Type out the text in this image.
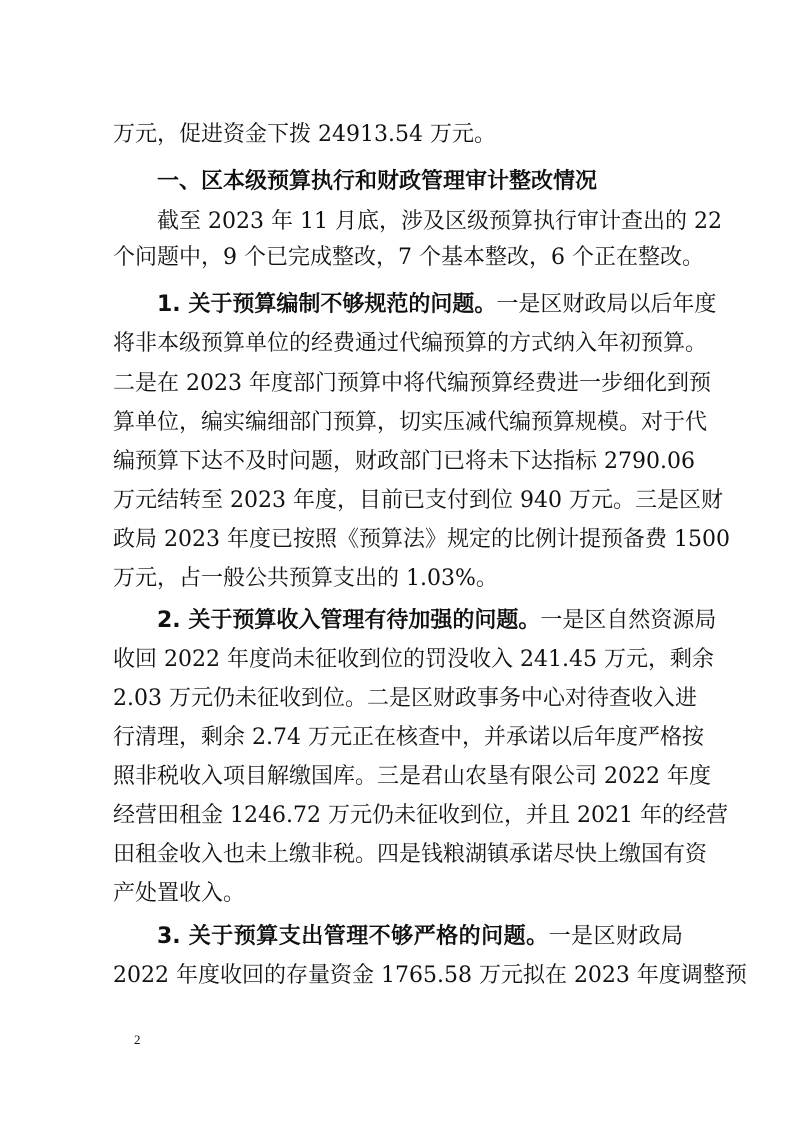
万元，促进资金下拨 24913.54 万元。
一、区本级预算执行和财政管理审计整改情况
截至 2023 年 11 月底，涉及区级预算执行审计查出的 22
个问题中，9 个已完成整改，7 个基本整改，6 个正在整改。
1. 关于预算编制不够规范的问题。一是区财政局以后年度
将非本级预算单位的经费通过代编预算的方式纳入年初预算。
二是在 2023 年度部门预算中将代编预算经费进一步细化到预
算单位，编实编细部门预算，切实压减代编预算规模。对于代
编预算下达不及时问题，财政部门已将未下达指标 2790.06
万元结转至 2023 年度，目前已支付到位 940 万元。三是区财
政局 2023 年度已按照《预算法》规定的比例计提预备费 1500
万元，占一般公共预算支出的 1.03%。
2. 关于预算收入管理有待加强的问题。一是区自然资源局
收回 2022 年度尚未征收到位的罚没收入 241.45 万元，剩余
2.03 万元仍未征收到位。二是区财政事务中心对待查收入进
行清理，剩余 2.74 万元正在核查中，并承诺以后年度严格按
照非税收入项目解缴国库。三是君山农垦有限公司 2022 年度
经营田租金 1246.72 万元仍未征收到位，并且 2021 年的经营
田租金收入也未上缴非税。四是钱粮湖镇承诺尽快上缴国有资
产处置收入。
3. 关于预算支出管理不够严格的问题。一是区财政局
2022 年度收回的存量资金 1765.58 万元拟在 2023 年度调整预
2
